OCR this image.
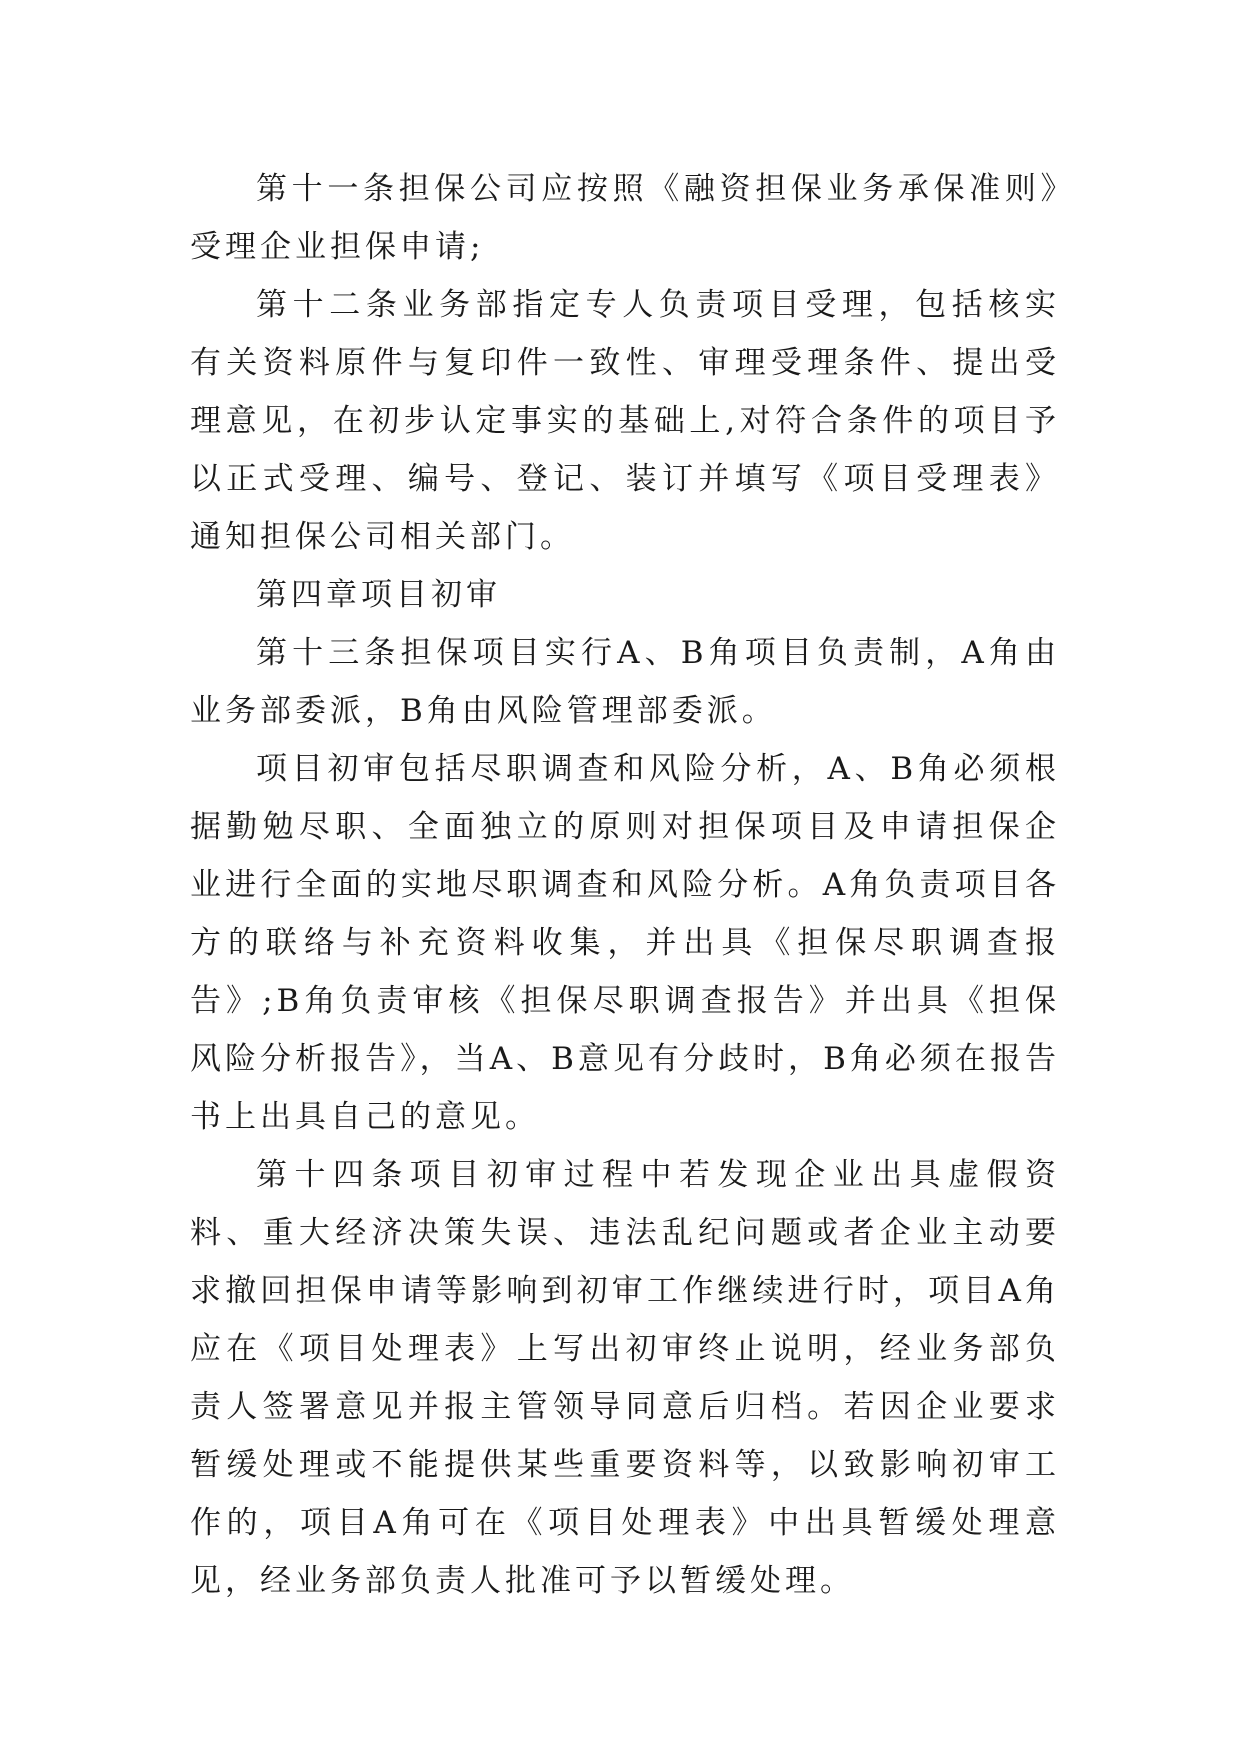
第十一条担保公司应按照《融资担保业务承保准则》受理企业担保申请;

第十二条业务部指定专人负责项目受理，包括核实有关资料原件与复印件一致性、审理受理条件、提出受理意见，在初步认定事实的基础上,对符合条件的项目予以正式受理、编号、登记、装订并填写《项目受理表》通知担保公司相关部门。

第四章项目初审

第十三条担保项目实行A、B角项目负责制，A角由业务部委派，B角由风险管理部委派。

项目初审包括尽职调查和风险分析，A、B角必须根据勤勉尽职、全面独立的原则对担保项目及申请担保企业进行全面的实地尽职调查和风险分析。A角负责项目各方的联络与补充资料收集，并出具《担保尽职调查报告》;B角负责审核《担保尽职调查报告》并出具《担保风险分析报告》，当A、B意见有分歧时，B角必须在报告书上出具自己的意见。

第十四条项目初审过程中若发现企业出具虚假资料、重大经济决策失误、违法乱纪问题或者企业主动要求撤回担保申请等影响到初审工作继续进行时，项目A角应在《项目处理表》上写出初审终止说明，经业务部负责人签署意见并报主管领导同意后归档。若因企业要求暂缓处理或不能提供某些重要资料等，以致影响初审工作的，项目A角可在《项目处理表》中出具暂缓处理意见，经业务部负责人批准可予以暂缓处理。
